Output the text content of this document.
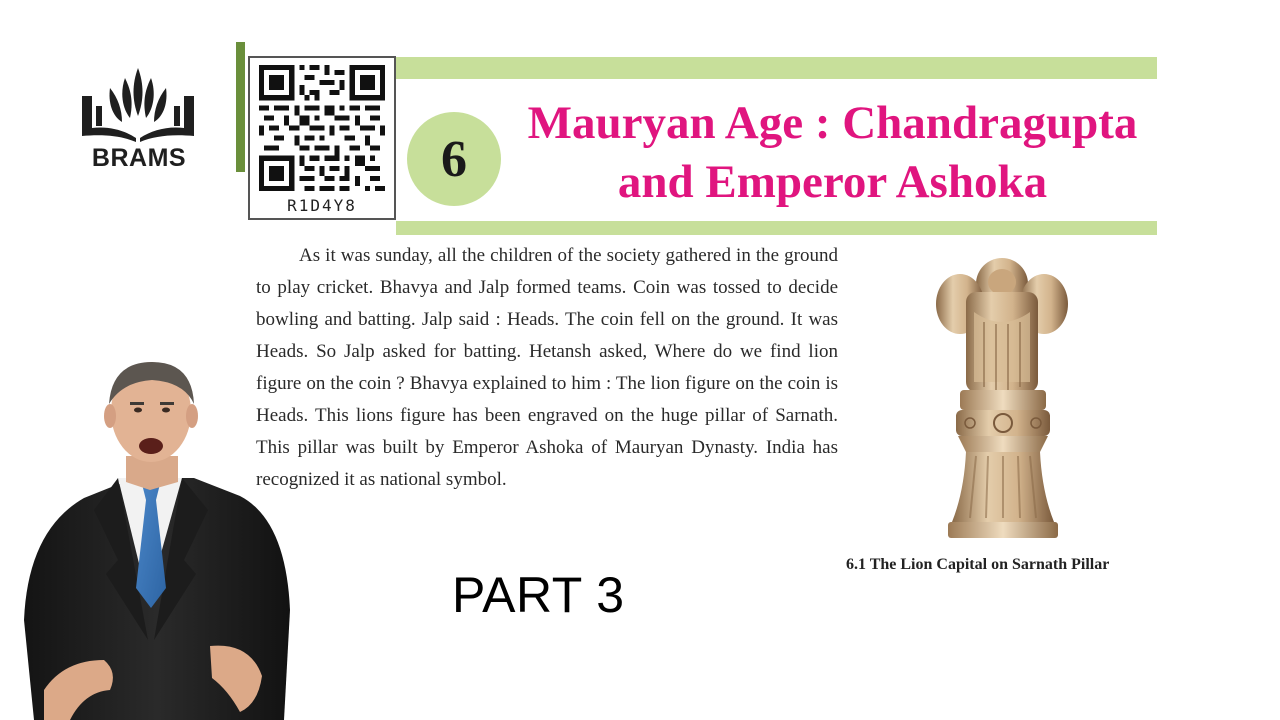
BRAMS
R1D4Y8
6
Mauryan Age : Chandragupta
and Emperor Ashoka

As it was sunday, all the children of the society gathered in the ground to play cricket. Bhavya and Jalp formed teams. Coin was tossed to decide bowling and batting. Jalp said : Heads. The coin fell on the ground. It was Heads. So Jalp asked for batting. Hetansh asked, Where do we find lion figure on the coin ? Bhavya explained to him : The lion figure on the coin is Heads. This lions figure has been engraved on the huge pillar of Sarnath. This pillar was built by Emperor Ashoka of Mauryan Dynasty. India has recognized it as national symbol.

6.1 The Lion Capital on Sarnath Pillar
PART 3
